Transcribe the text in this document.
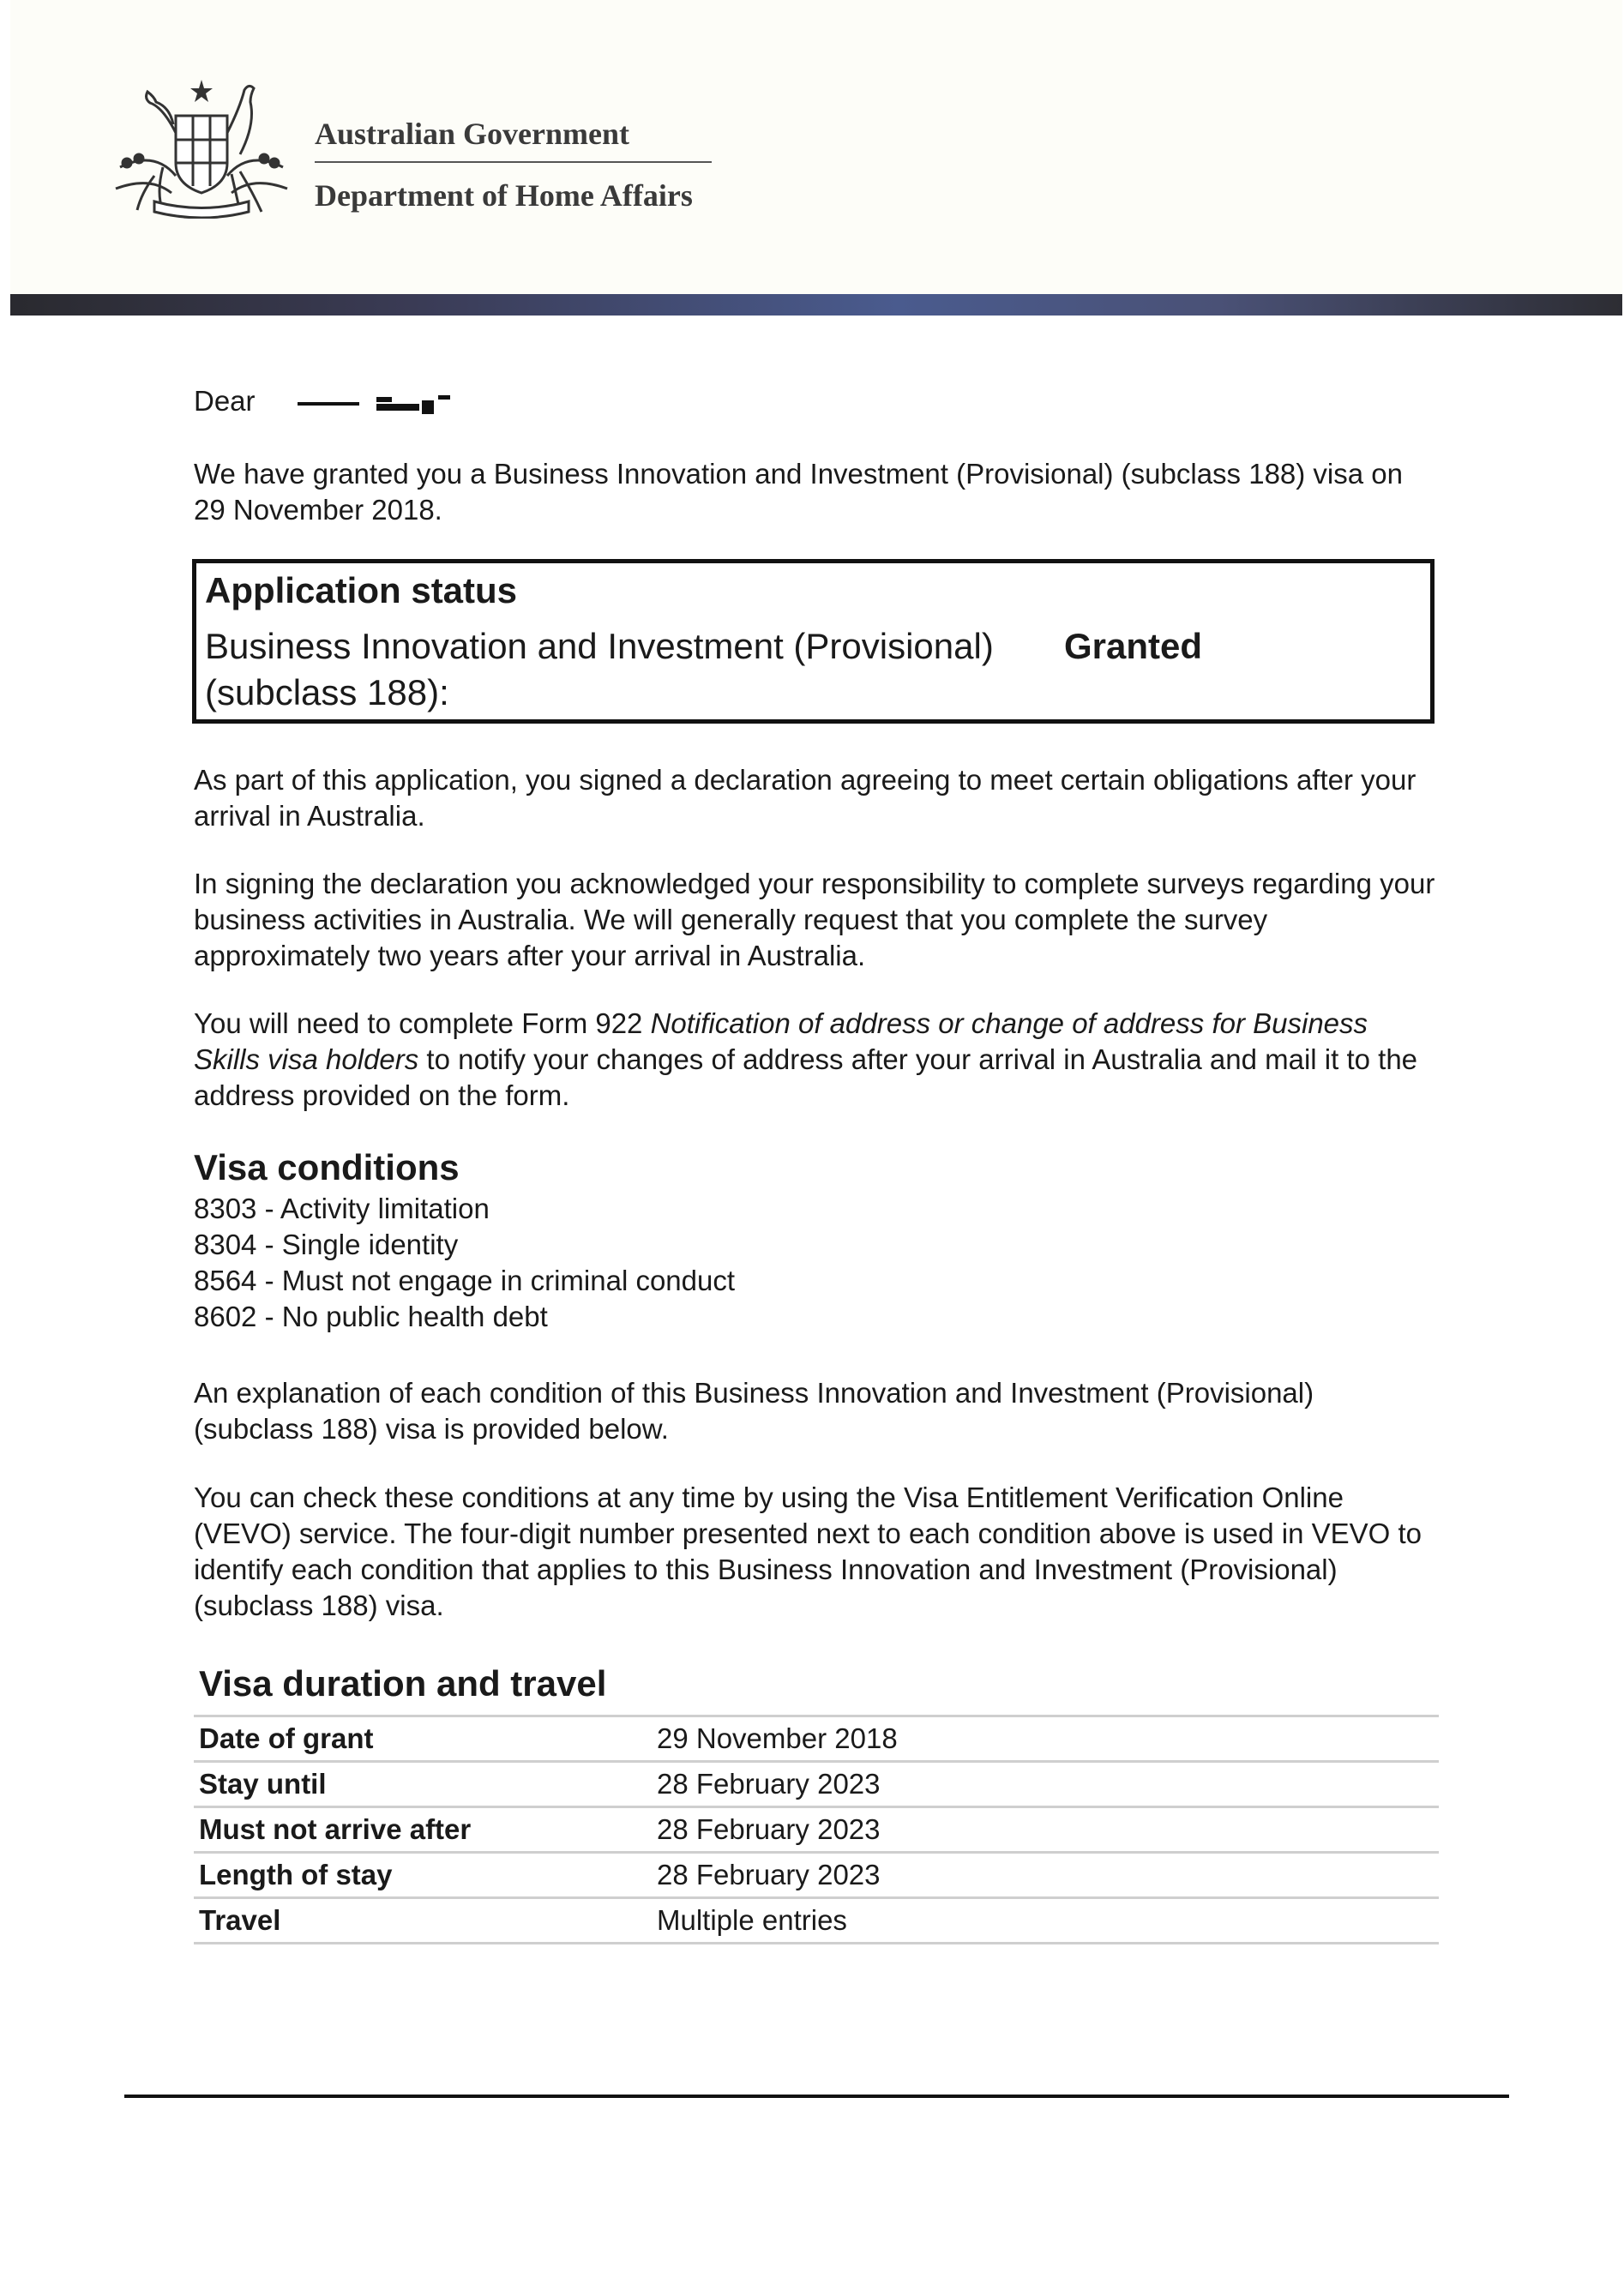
Australian Government
Department of Home Affairs

Dear

We have granted you a Business Innovation and Investment (Provisional) (subclass 188) visa on 29 November 2018.

As part of this application, you signed a declaration agreeing to meet certain obligations after your arrival in Australia.

In signing the declaration you acknowledged your responsibility to complete surveys regarding your business activities in Australia. We will generally request that you complete the survey approximately two years after your arrival in Australia.

You will need to complete Form 922 Notification of address or change of address for Business Skills visa holders to notify your changes of address after your arrival in Australia and mail it to the address provided on the form.

Visa conditions
8303 - Activity limitation
8304 - Single identity
8564 - Must not engage in criminal conduct
8602 - No public health debt

An explanation of each condition of this Business Innovation and Investment (Provisional) (subclass 188) visa is provided below.

You can check these conditions at any time by using the Visa Entitlement Verification Online (VEVO) service. The four-digit number presented next to each condition above is used in VEVO to identify each condition that applies to this Business Innovation and Investment (Provisional) (subclass 188) visa.

Visa duration and travel
Application status
Business Innovation and Investment (Provisional) (subclass 188):
Granted
Date of grant	29 November 2018
Stay until	28 February 2023
Must not arrive after	28 February 2023
Length of stay	28 February 2023
Travel	Multiple entries
